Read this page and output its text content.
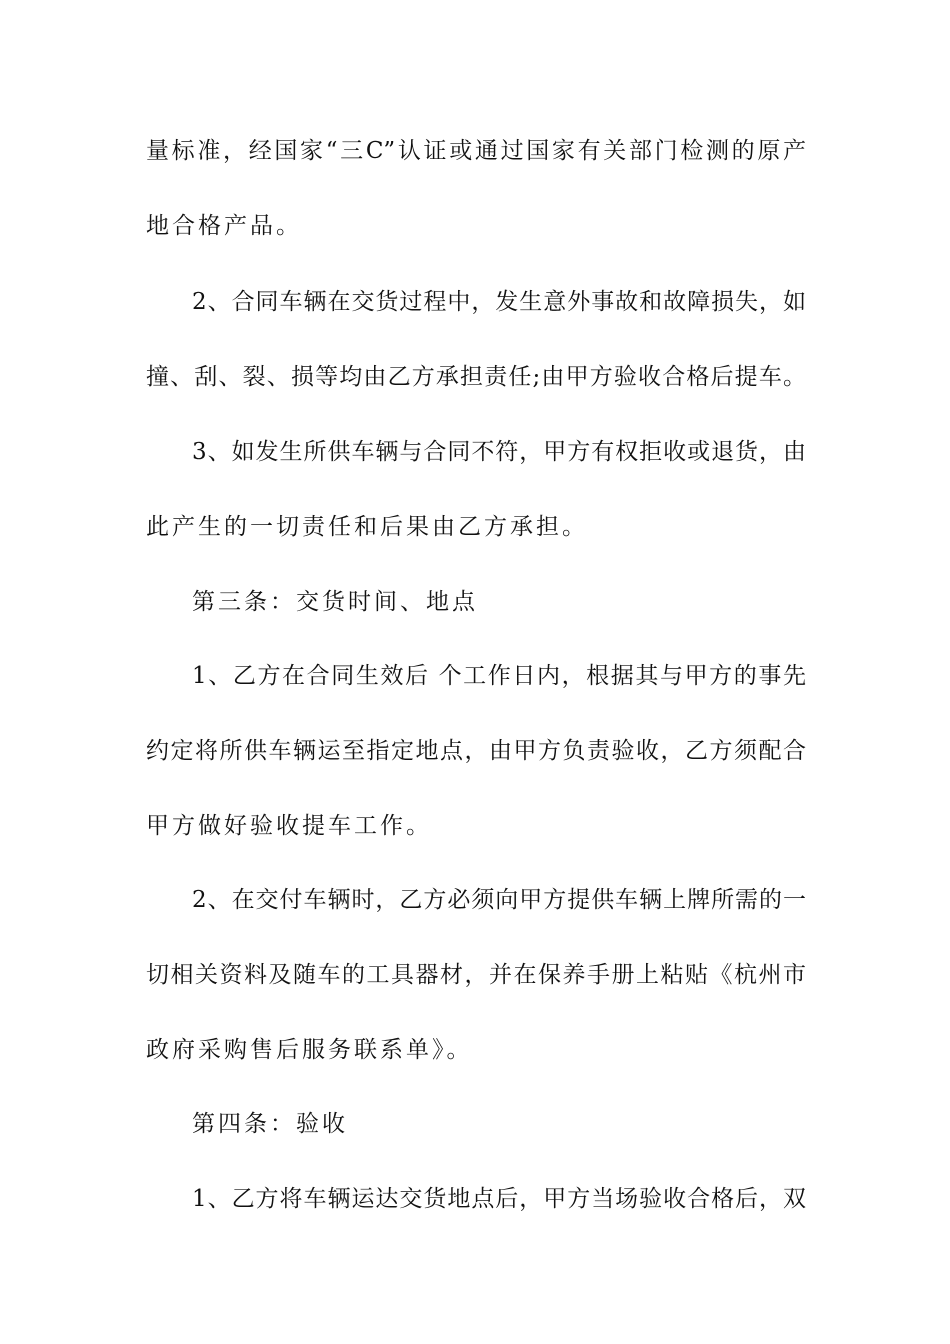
量标准，经国家“三C”认证或通过国家有关部门检测的原产
地合格产品。
2、合同车辆在交货过程中，发生意外事故和故障损失，如
撞、刮、裂、损等均由乙方承担责任;由甲方验收合格后提车。
3、如发生所供车辆与合同不符，甲方有权拒收或退货，由
此产生的一切责任和后果由乙方承担。
第三条：交货时间、地点
1、乙方在合同生效后 个工作日内，根据其与甲方的事先
约定将所供车辆运至指定地点，由甲方负责验收，乙方须配合
甲方做好验收提车工作。
2、在交付车辆时，乙方必须向甲方提供车辆上牌所需的一
切相关资料及随车的工具器材，并在保养手册上粘贴《杭州市
政府采购售后服务联系单》。
第四条：验收
1、乙方将车辆运达交货地点后，甲方当场验收合格后，双
